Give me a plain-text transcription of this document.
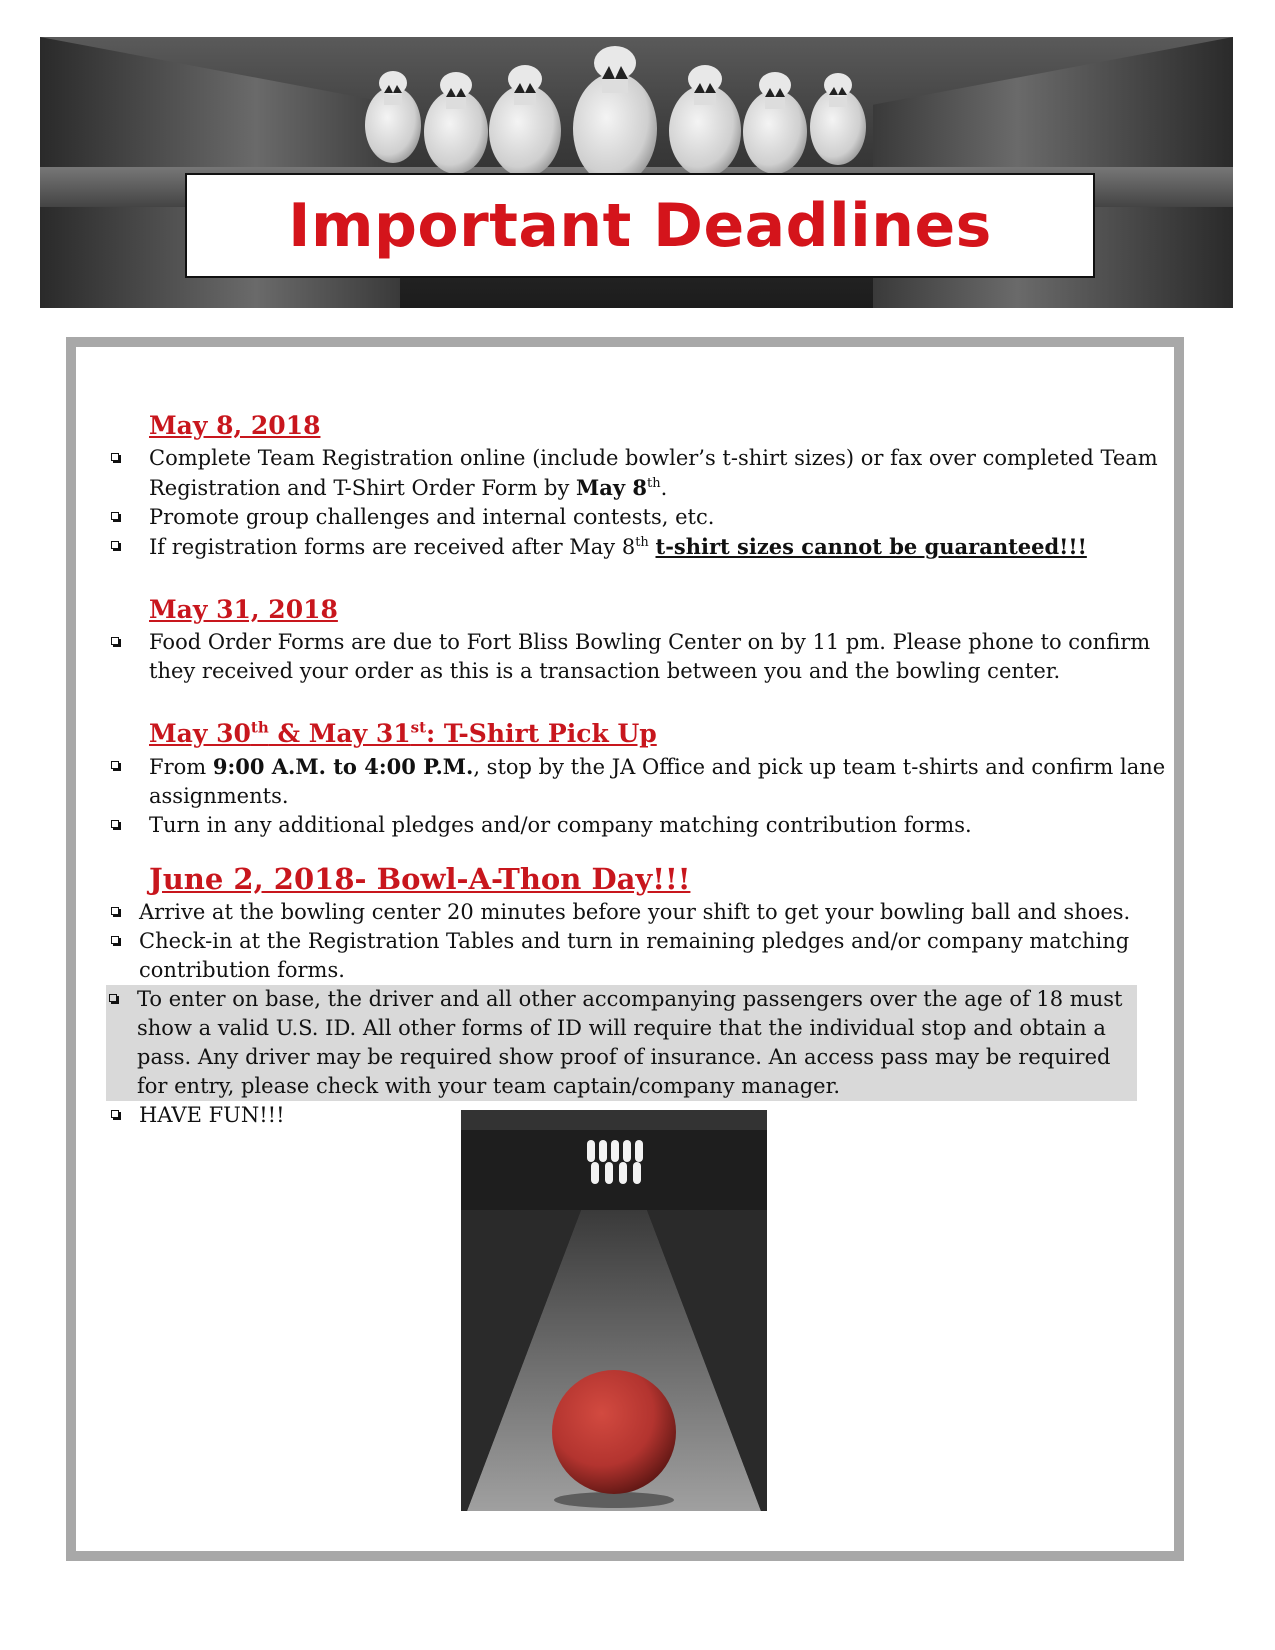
Important Deadlines
May 8, 2018

Complete Team Registration online (include bowler’s t-shirt sizes) or fax over completed Team Registration and T-Shirt Order Form by May 8th.

Promote group challenges and internal contests, etc.

If registration forms are received after May 8th t-shirt sizes cannot be guaranteed!!!

May 31, 2018

Food Order Forms are due to Fort Bliss Bowling Center on by 11 pm. Please phone to confirm they received your order as this is a transaction between you and the bowling center.

May 30th & May 31st: T-Shirt Pick Up

From 9:00 A.M. to 4:00 P.M., stop by the JA Office and pick up team t-shirts and confirm lane assignments.

Turn in any additional pledges and/or company matching contribution forms.

June 2, 2018- Bowl-A-Thon Day!!!

Arrive at the bowling center 20 minutes before your shift to get your bowling ball and shoes.

Check-in at the Registration Tables and turn in remaining pledges and/or company matching contribution forms.

To enter on base, the driver and all other accompanying passengers over the age of 18 must show a valid U.S. ID. All other forms of ID will require that the individual stop and obtain a pass. Any driver may be required show proof of insurance. An access pass may be required for entry, please check with your team captain/company manager.

HAVE FUN!!!
